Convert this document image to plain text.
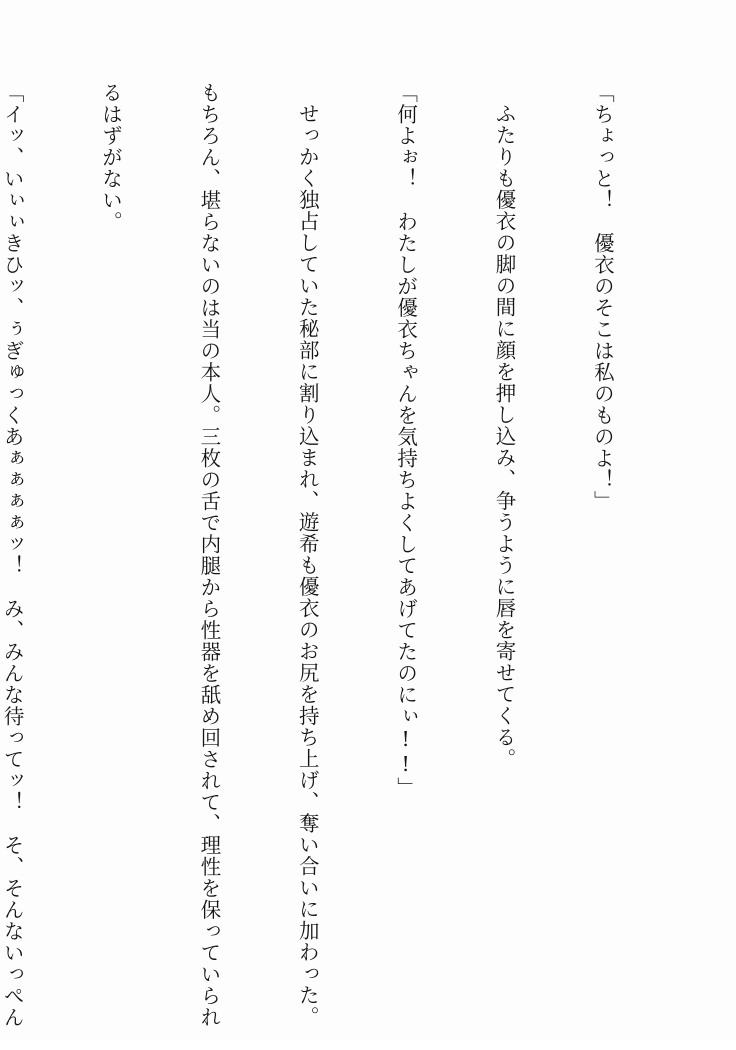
「ちょっと！　優衣のそこは私のものよ！」

ふたりも優衣の脚の間に顔を押し込み、争うように唇を寄せてくる。

「何よぉ！　わたしが優衣ちゃんを気持ちよくしてあげてたのにぃ!!」

せっかく独占していた秘部に割り込まれ、遊希も優衣のお尻を持ち上げ、奪い合いに加わった。

もちろん、堪らないのは当の本人。三枚の舌で内腿から性器を舐め回されて、理性を保っていられ

るはずがない。

「イッ、いぃぃきひッ、ぅぎゅっくあぁぁぁぁッ！　み、みんな待ってッ！　そ、そんないっぺん
